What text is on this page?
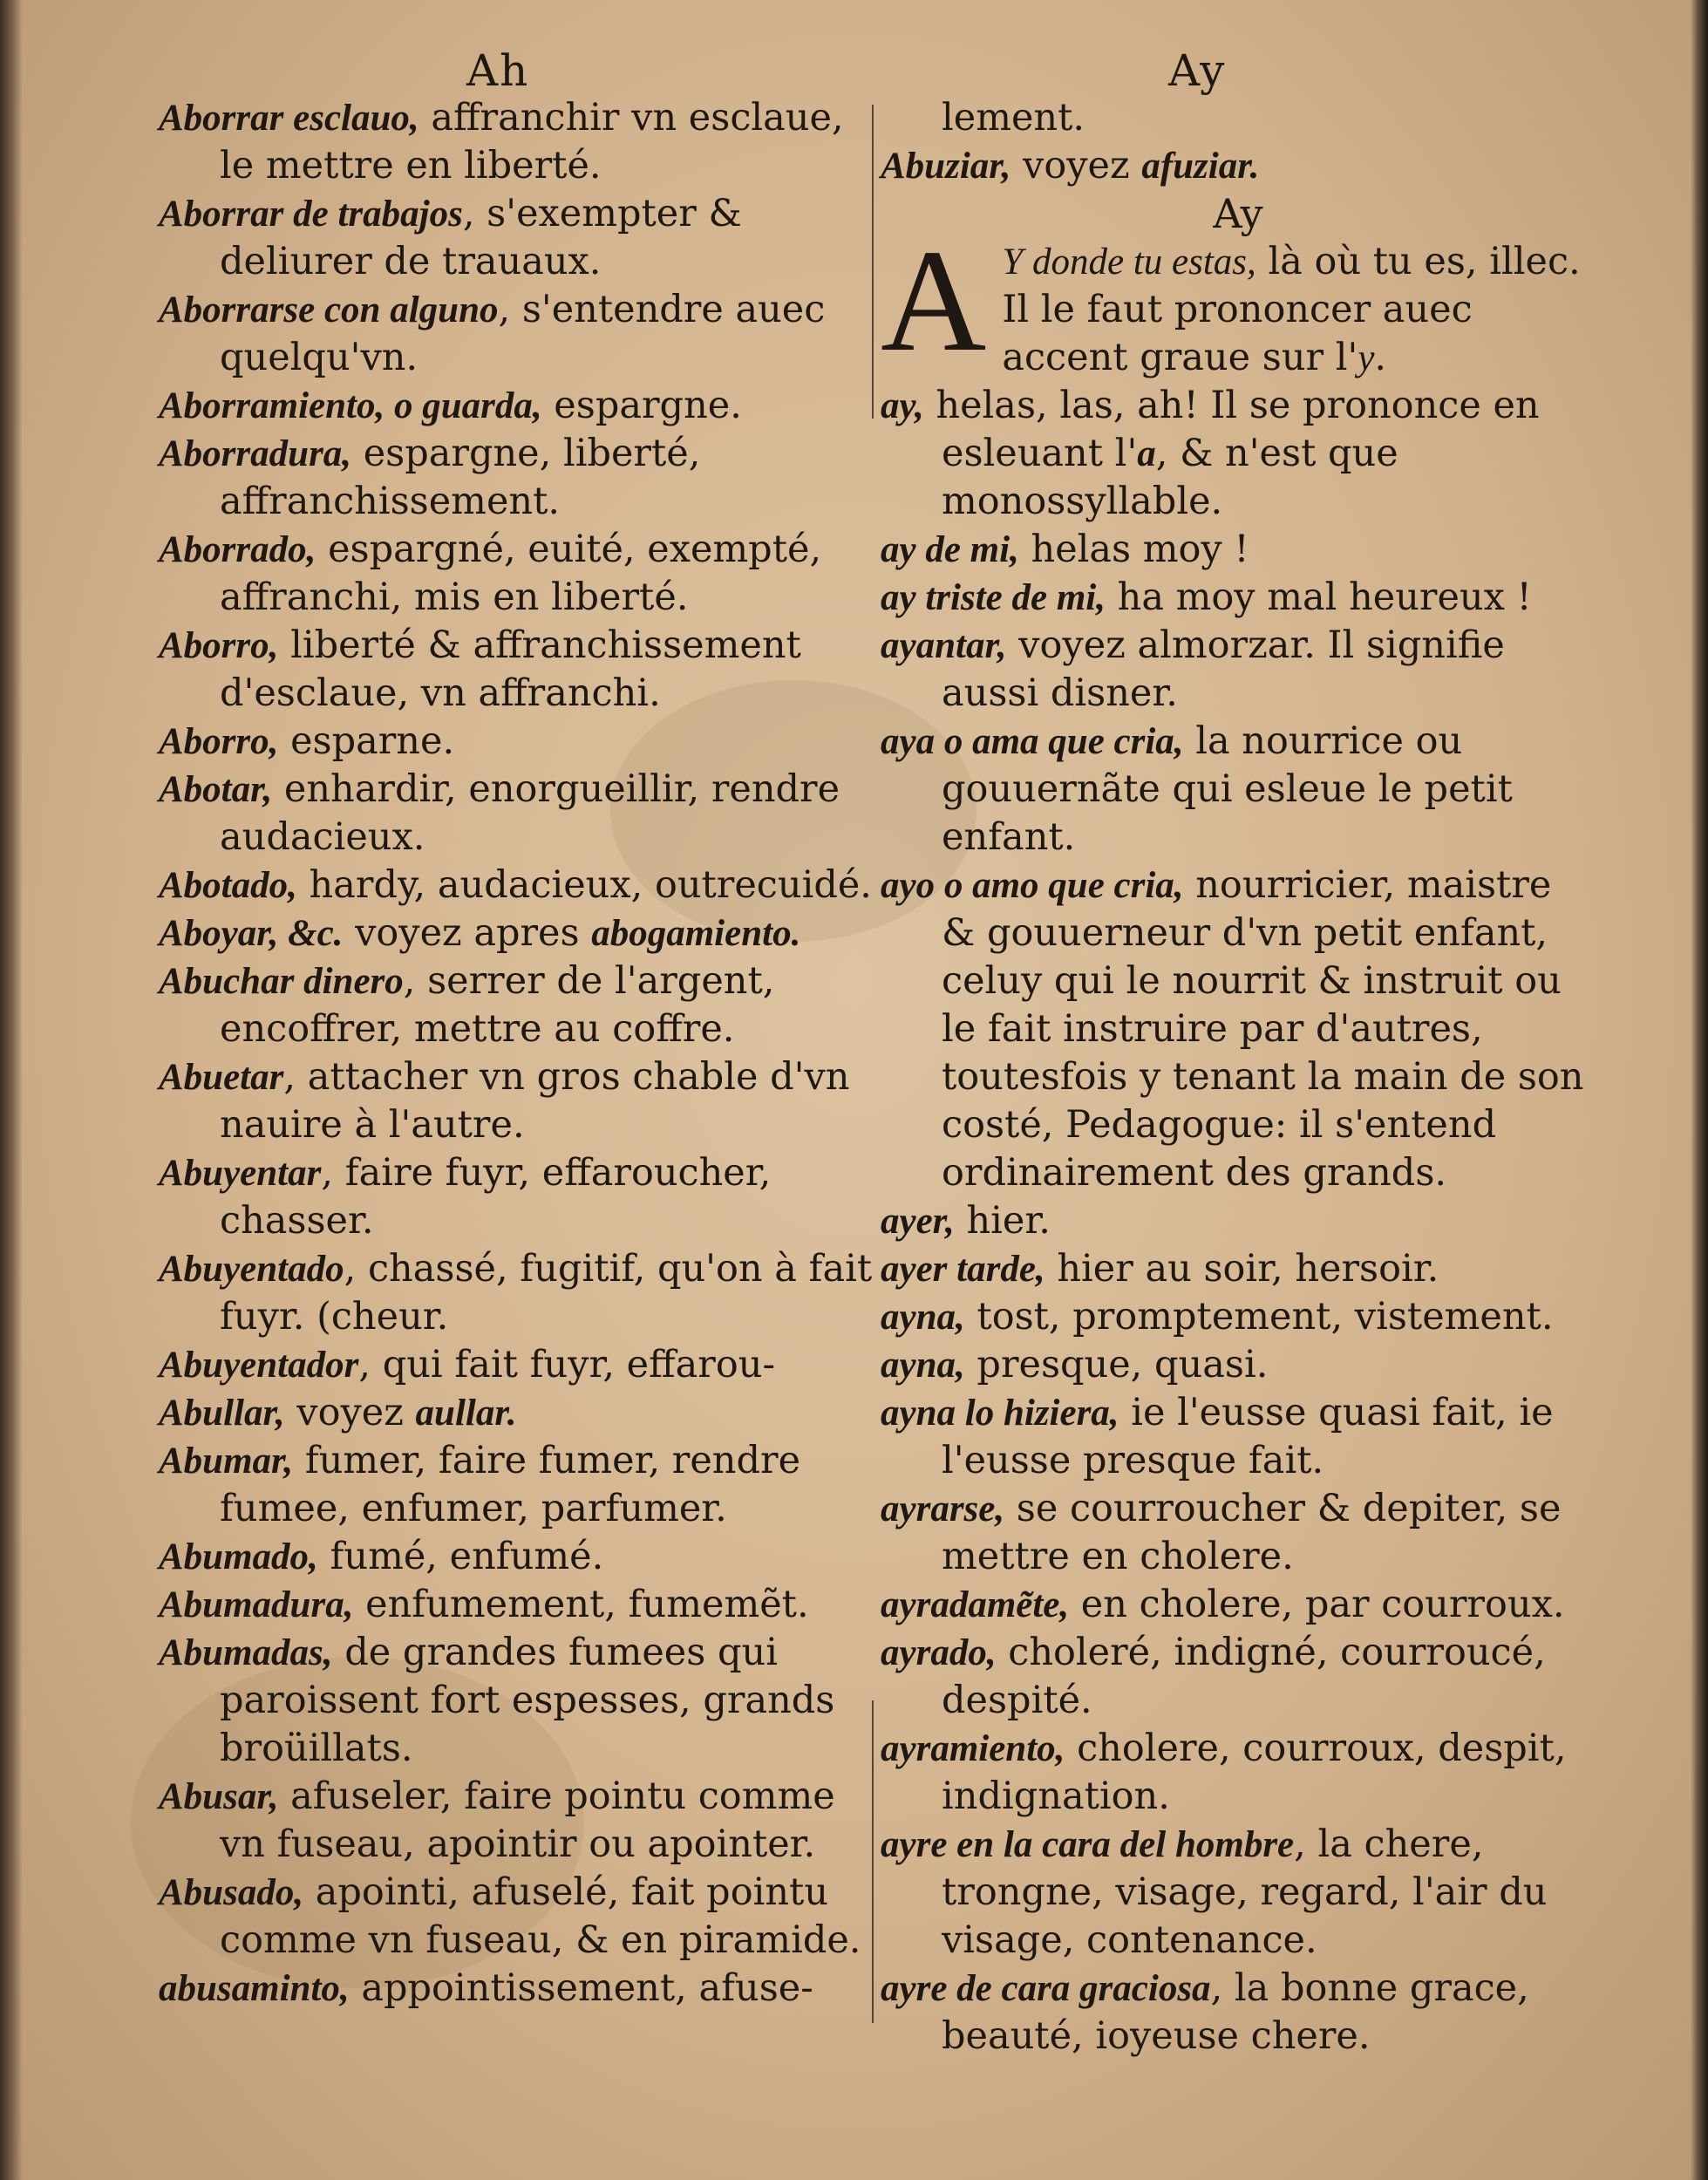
Ah	Ay

Aborrar esclauo, affranchir vn esclaue, le mettre en liberté.

Aborrar de trabajos, s'exempter & deliurer de trauaux.

Aborrarse con alguno, s'entendre auec quelqu'vn.

Aborramiento, o guarda, espargne.

Aborradura, espargne, liberté, affranchissement.

Aborrado, espargné, euité, exempté, affranchi, mis en liberté.

Aborro, liberté & affranchissement d'esclaue, vn affranchi.

Aborro, esparne.

Abotar, enhardir, enorgueillir, rendre audacieux.

Abotado, hardy, audacieux, outrecuidé.

Aboyar, &c. voyez apres abogamiento.

Abuchar dinero, serrer de l'argent, encoffrer, mettre au coffre.

Abuetar, attacher vn gros chable d'vn nauire à l'autre.

Abuyentar, faire fuyr, effaroucher, chasser.

Abuyentado, chassé, fugitif, qu'on à fait fuyr. (cheur.

Abuyentador, qui fait fuyr, effarou-

Abullar, voyez aullar.

Abumar, fumer, faire fumer, rendre fumee, enfumer, parfumer.

Abumado, fumé, enfumé.

Abumadura, enfumement, fumemẽt.

Abumadas, de grandes fumees qui paroissent fort espesses, grands broüillats.

Abusar, afuseler, faire pointu comme vn fuseau, apointir ou apointer.

Abusado, apointi, afuselé, fait pointu comme vn fuseau, & en piramide.

abusaminto, appointissement, afuse-

lement.

Abuziar, voyez afuziar.

Ay

A Y donde tu estas, là où tu es, illec. Il le faut prononcer auec accent graue sur l'y.

ay, helas, las, ah! Il se prononce en esleuant l'a, & n'est que monossyllable.

ay de mi, helas moy !

ay triste de mi, ha moy mal heureux !

ayantar, voyez almorzar. Il signifie aussi disner.

aya o ama que cria, la nourrice ou gouuernãte qui esleue le petit enfant.

ayo o amo que cria, nourricier, maistre & gouuerneur d'vn petit enfant, celuy qui le nourrit & instruit ou le fait instruire par d'autres, toutesfois y tenant la main de son costé, Pedagogue: il s'entend ordinairement des grands.

ayer, hier.

ayer tarde, hier au soir, hersoir.

ayna, tost, promptement, vistement.

ayna, presque, quasi.

ayna lo hiziera, ie l'eusse quasi fait, ie l'eusse presque fait.

ayrarse, se courroucher & depiter, se mettre en cholere.

ayradamẽte, en cholere, par courroux.

ayrado, choleré, indigné, courroucé, despité.

ayramiento, cholere, courroux, despit, indignation.

ayre en la cara del hombre, la chere, trongne, visage, regard, l'air du visage, contenance.

ayre de cara graciosa, la bonne grace, beauté, ioyeuse chere.
